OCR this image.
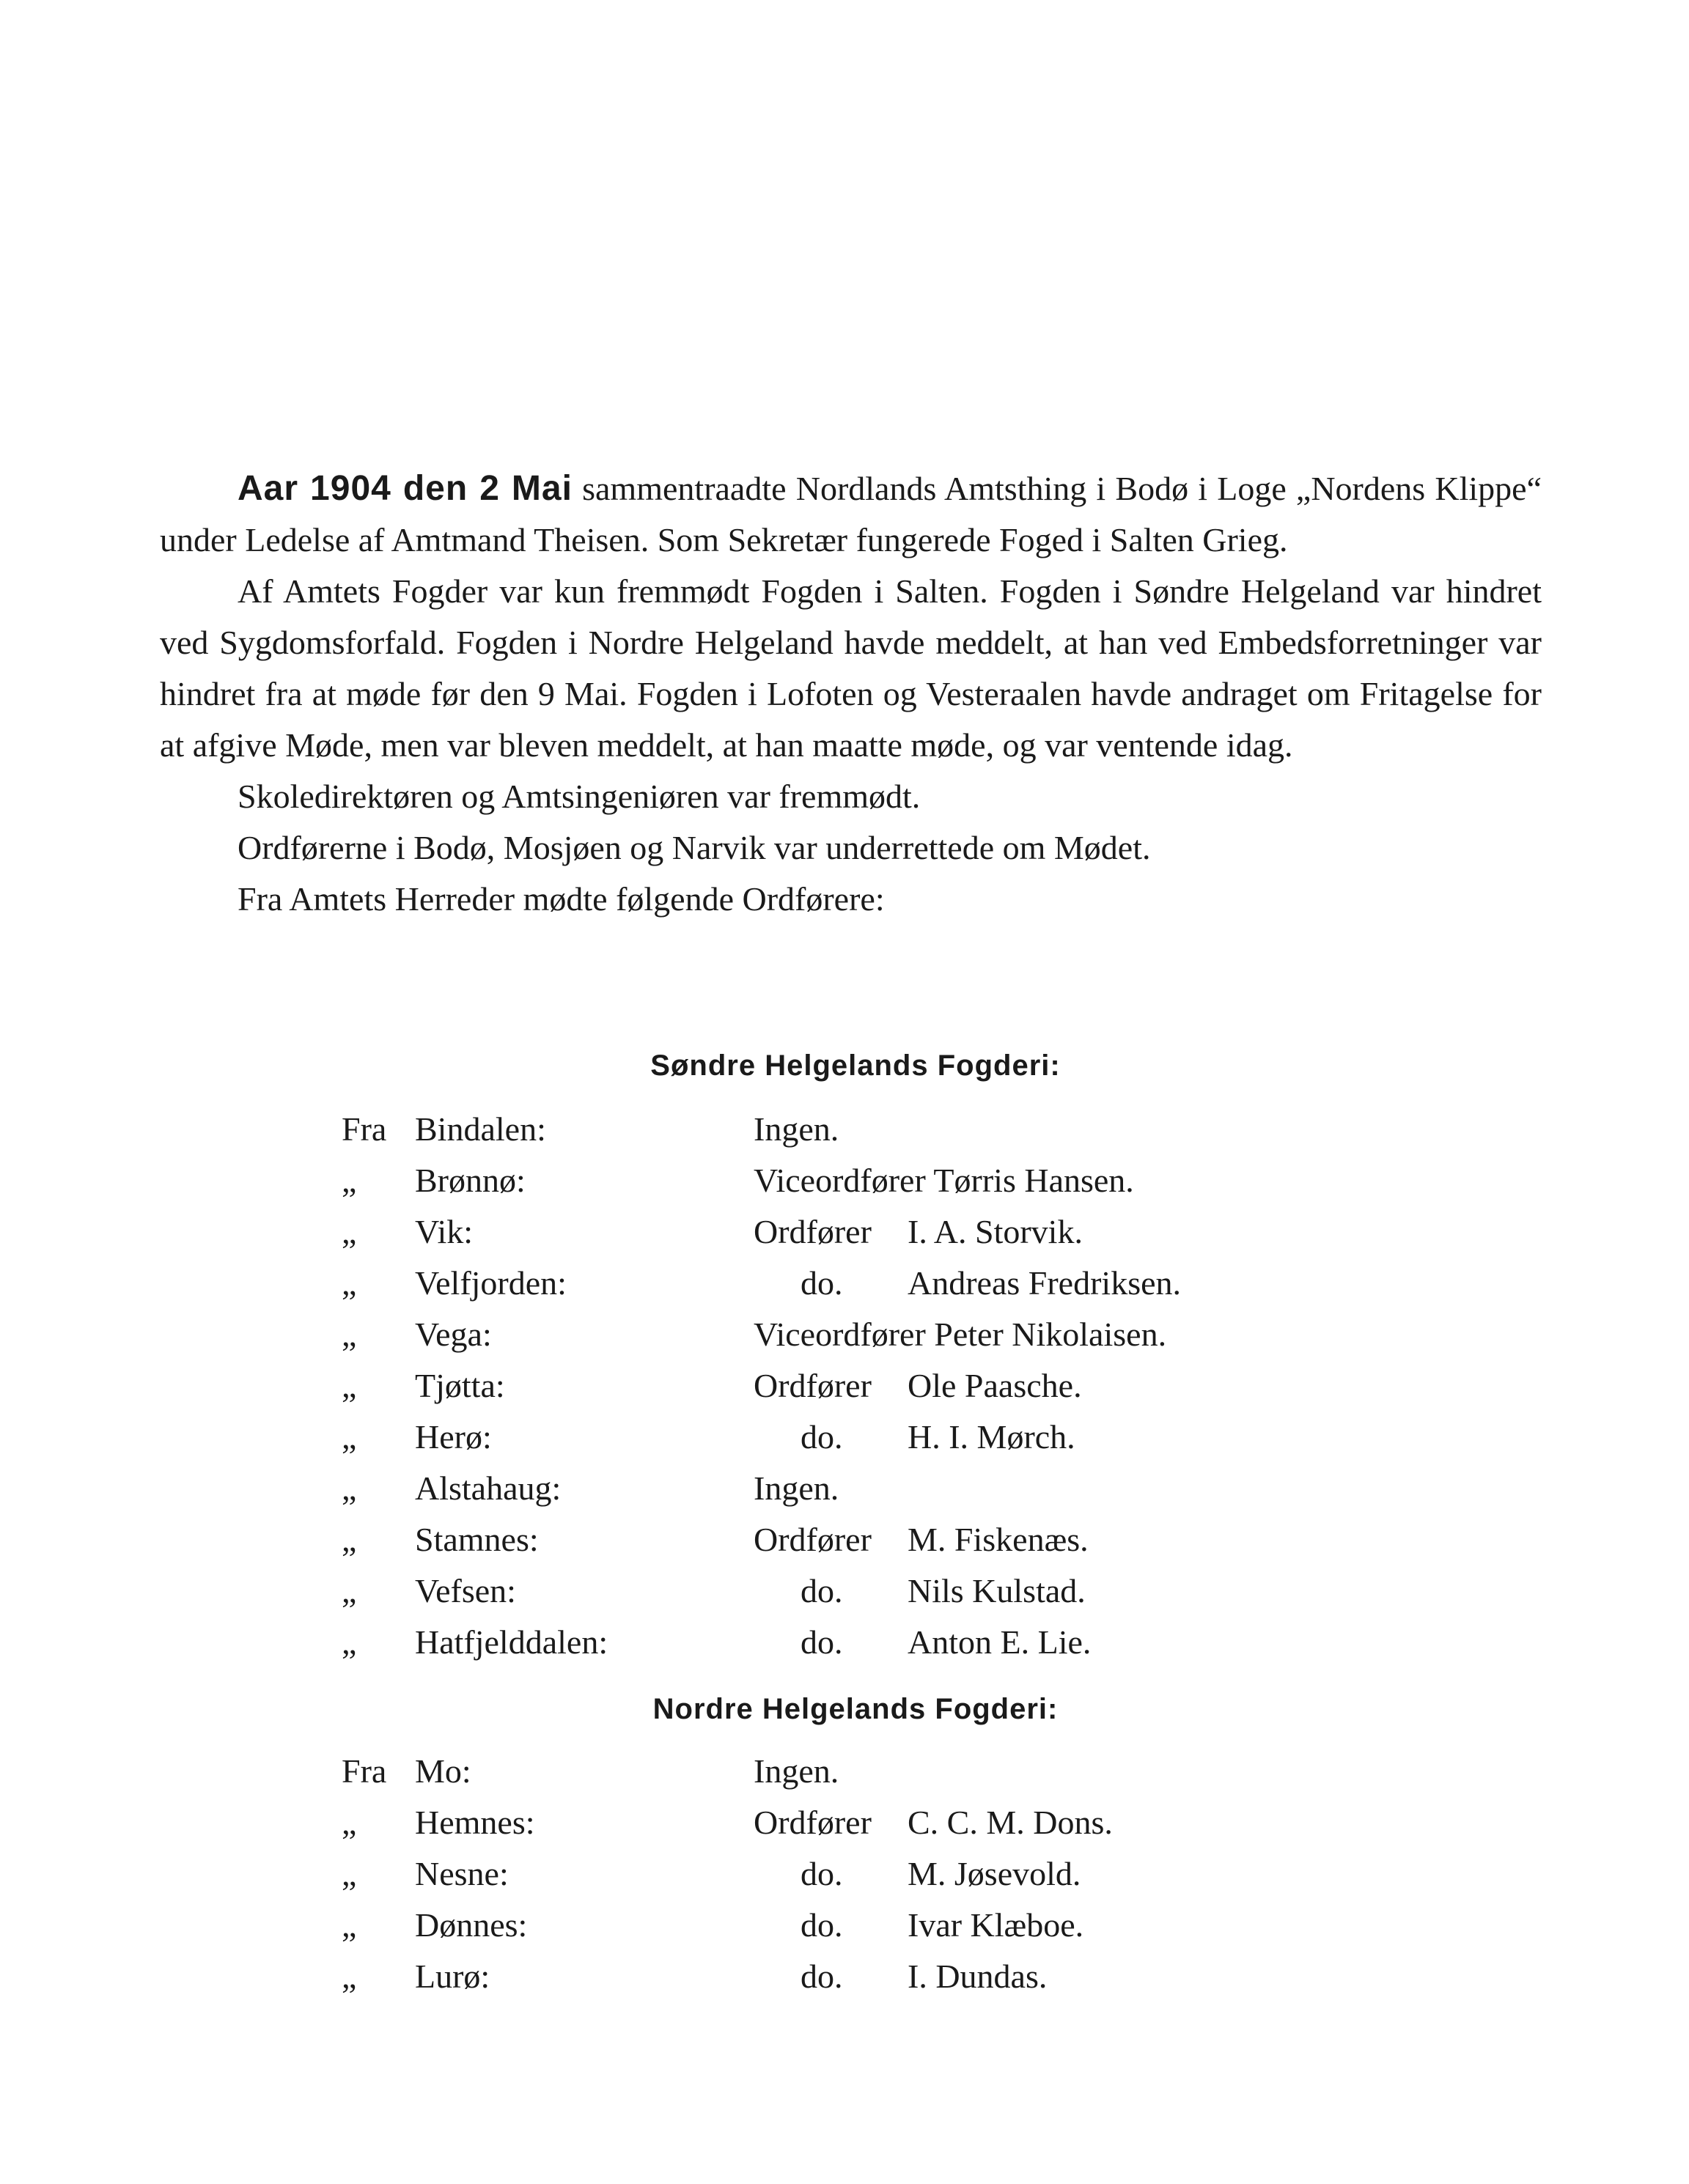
Aar 1904 den 2 Mai sammentraadte Nordlands Amtsthing i Bodø i Loge „Nordens Klippe“ under Ledelse af Amtmand Theisen. Som Sekretær fungerede Foged i Salten Grieg.

Af Amtets Fogder var kun fremmødt Fogden i Salten. Fogden i Søndre Helgeland var hindret ved Sygdomsforfald. Fogden i Nordre Helgeland havde meddelt, at han ved Embedsforretninger var hindret fra at møde før den 9 Mai. Fogden i Lofoten og Vesteraalen havde andraget om Fritagelse for at afgive Møde, men var bleven meddelt, at han maatte møde, og var ventende idag.

Skoledirektøren og Amtsingeniøren var fremmødt.

Ordførerne i Bodø, Mosjøen og Narvik var underrettede om Mødet.

Fra Amtets Herreder mødte følgende Ordførere:

Søndre Helgelands Fogderi:
Fra Bindalen:	Ingen.
„ Brønnø:	Viceordfører Tørris Hansen.
„ Vik:	Ordfører I. A. Storvik.
„ Velfjorden:	do. Andreas Fredriksen.
„ Vega:	Viceordfører Peter Nikolaisen.
„ Tjøtta:	Ordfører Ole Paasche.
„ Herø:	do. H. I. Mørch.
„ Alstahaug:	Ingen.
„ Stamnes:	Ordfører M. Fiskenæs.
„ Vefsen:	do. Nils Kulstad.
„ Hatfjelddalen:	do. Anton E. Lie.
Nordre Helgelands Fogderi:
Fra Mo:	Ingen.
„ Hemnes:	Ordfører C. C. M. Dons.
„ Nesne:	do. M. Jøsevold.
„ Dønnes:	do. Ivar Klæboe.
„ Lurø:	do. I. Dundas.
